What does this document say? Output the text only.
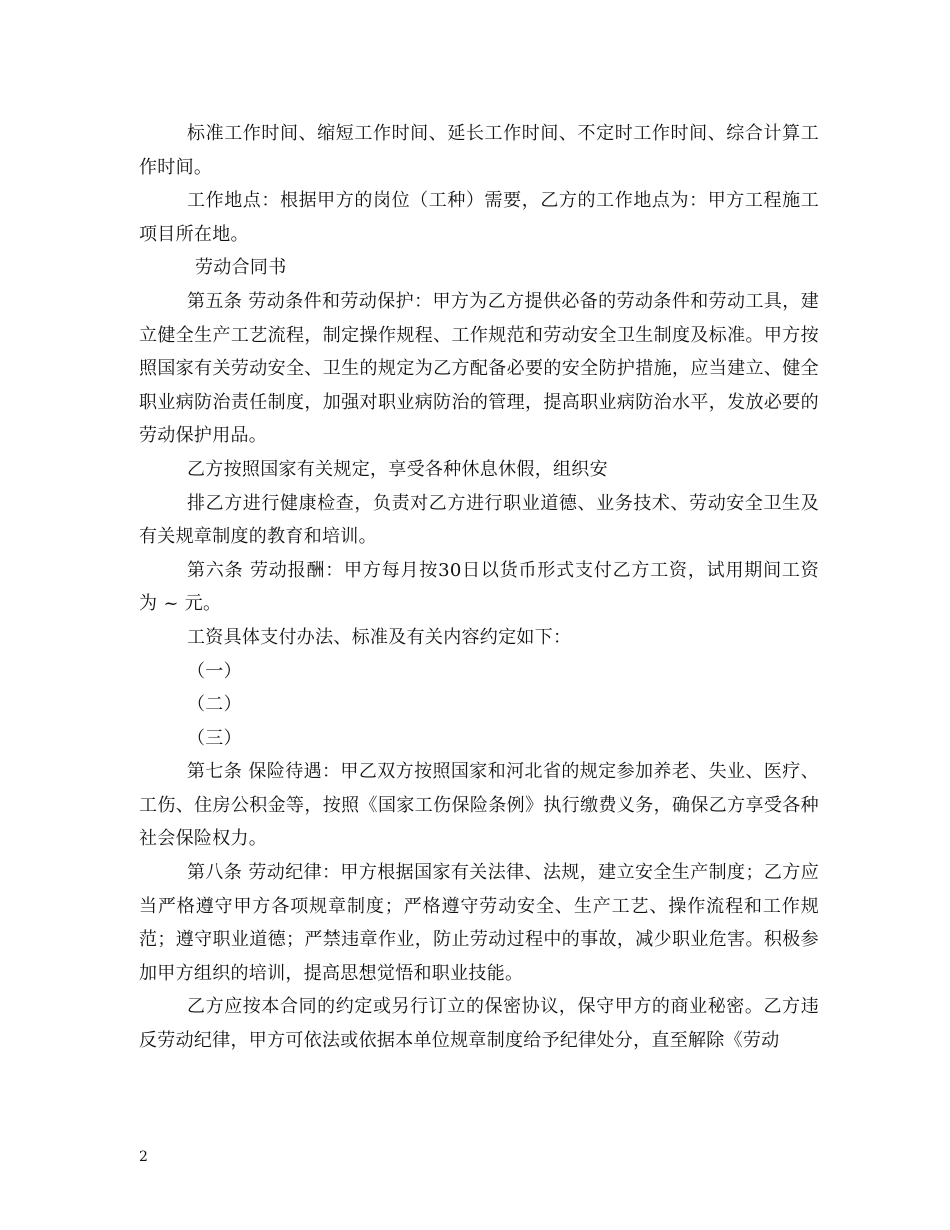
标准工作时间、缩短工作时间、延长工作时间、不定时工作时间、综合计算工作时间。

工作地点：根据甲方的岗位（工种）需要，乙方的工作地点为：甲方工程施工项目所在地。

劳动合同书

第五条 劳动条件和劳动保护：甲方为乙方提供必备的劳动条件和劳动工具，建立健全生产工艺流程，制定操作规程、工作规范和劳动安全卫生制度及标准。甲方按照国家有关劳动安全、卫生的规定为乙方配备必要的安全防护措施，应当建立、健全职业病防治责任制度，加强对职业病防治的管理，提高职业病防治水平，发放必要的劳动保护用品。

乙方按照国家有关规定，享受各种休息休假，组织安

排乙方进行健康检查，负责对乙方进行职业道德、业务技术、劳动安全卫生及有关规章制度的教育和培训。

第六条 劳动报酬：甲方每月按30日以货币形式支付乙方工资，试用期间工资为 ~ 元。

工资具体支付办法、标准及有关内容约定如下：

（一）

（二）

（三）

第七条 保险待遇：甲乙双方按照国家和河北省的规定参加养老、失业、医疗、工伤、住房公积金等，按照《国家工伤保险条例》执行缴费义务，确保乙方享受各种社会保险权力。

第八条 劳动纪律：甲方根据国家有关法律、法规，建立安全生产制度；乙方应当严格遵守甲方各项规章制度；严格遵守劳动安全、生产工艺、操作流程和工作规范；遵守职业道德；严禁违章作业，防止劳动过程中的事故，减少职业危害。积极参加甲方组织的培训，提高思想觉悟和职业技能。

乙方应按本合同的约定或另行订立的保密协议，保守甲方的商业秘密。乙方违反劳动纪律，甲方可依法或依据本单位规章制度给予纪律处分，直至解除《劳动

2
